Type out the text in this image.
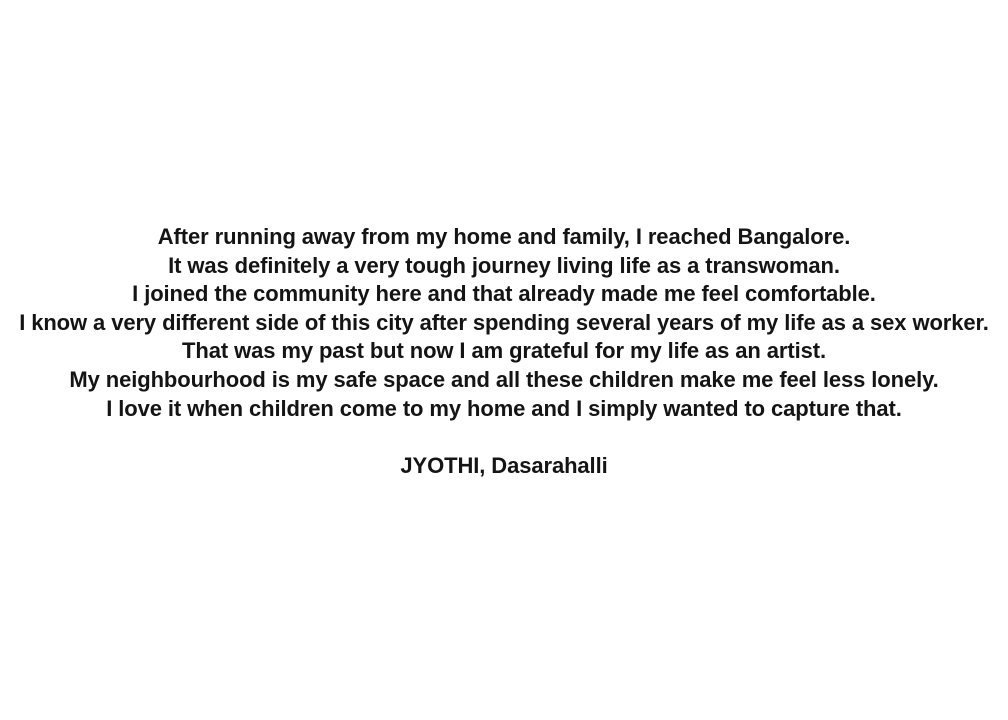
After running away from my home and family, I reached Bangalore.

It was definitely a very tough journey living life as a transwoman.

I joined the community here and that already made me feel comfortable.

I know a very different side of this city after spending several years of my life as a sex worker.

That was my past but now I am grateful for my life as an artist.

My neighbourhood is my safe space and all these children make me feel less lonely.

I love it when children come to my home and I simply wanted to capture that.

JYOTHI, Dasarahalli
